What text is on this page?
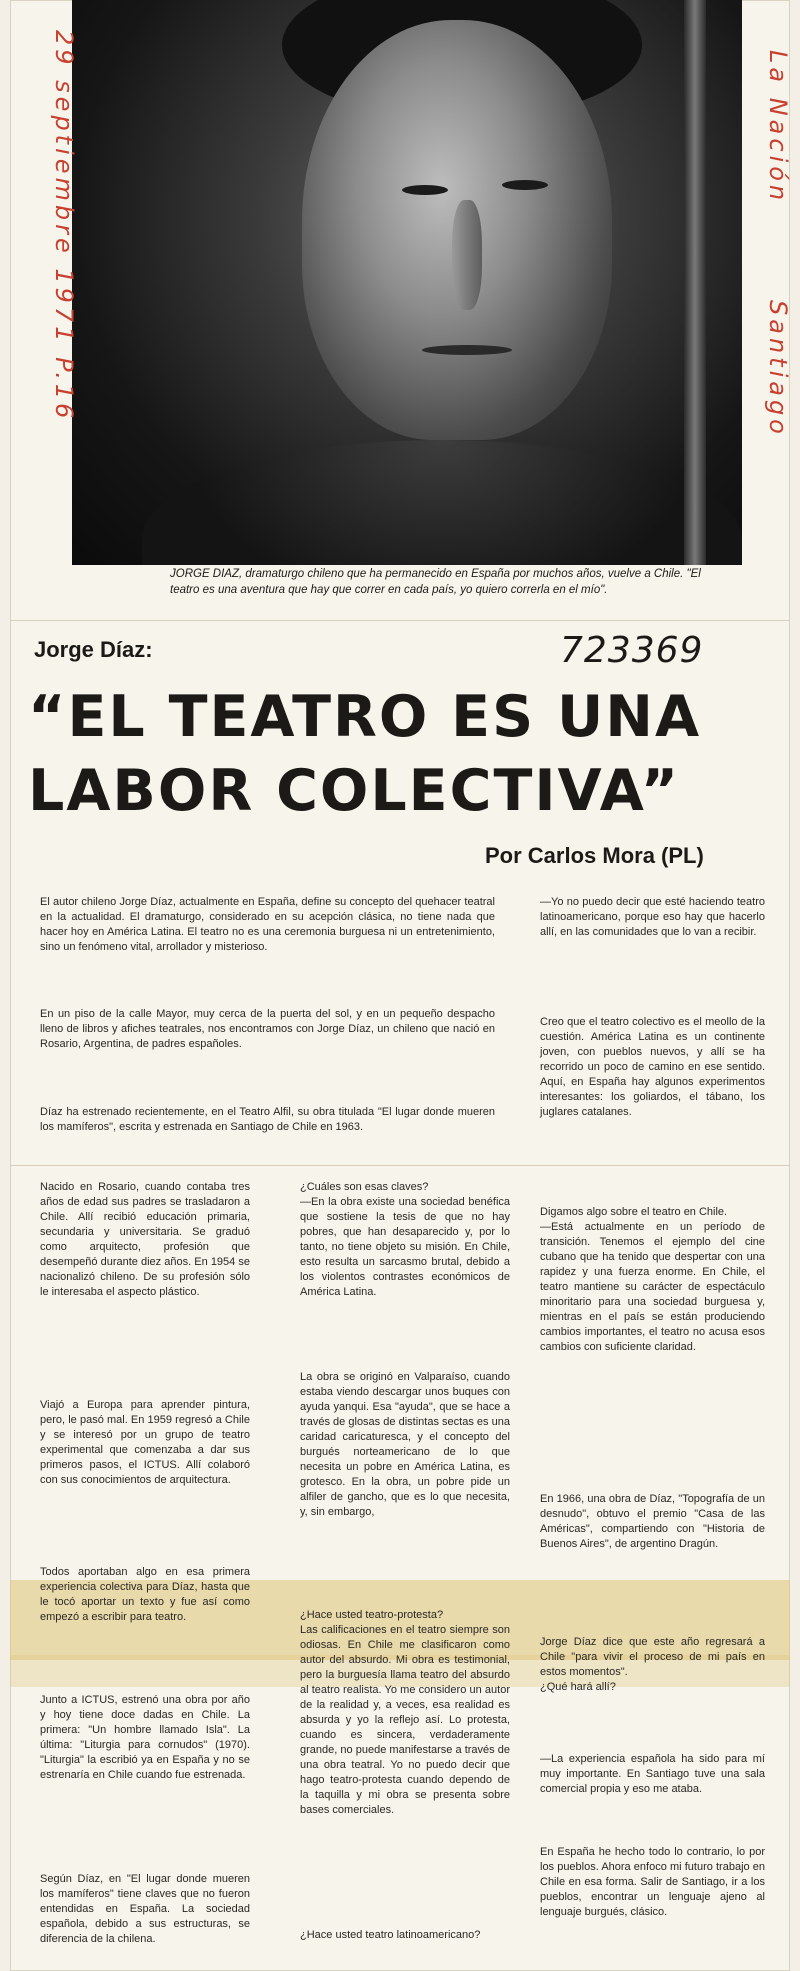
29 septiembre 1971 P.16	La Nación
Santiago
JORGE DIAZ, dramaturgo chileno que ha permanecido en España por muchos años, vuelve a Chile. "El teatro es una aventura que hay que correr en cada país, yo quiero correrla en el mío".
Jorge Díaz:	723369
“EL TEATRO ES UNA
LABOR COLECTIVA”
Por Carlos Mora (PL)
El autor chileno Jorge Díaz, actualmente en España, define su concepto del quehacer teatral en la actualidad. El dramaturgo, considerado en su acepción clásica, no tiene nada que hacer hoy en América Latina. El teatro no es una ceremonia burguesa ni un entretenimiento, sino un fenómeno vital, arrollador y misterioso.
En un piso de la calle Mayor, muy cerca de la puerta del sol, y en un pequeño despacho lleno de libros y afiches teatrales, nos encontramos con Jorge Díaz, un chileno que nació en Rosario, Argentina, de padres españoles.
Díaz ha estrenado recientemente, en el Teatro Alfil, su obra titulada "El lugar donde mueren los mamíferos", escrita y estrenada en Santiago de Chile en 1963.
—Yo no puedo decir que esté haciendo teatro latinoamericano, porque eso hay que hacerlo allí, en las comunidades que lo van a recibir.
Creo que el teatro colectivo es el meollo de la cuestión. América Latina es un continente joven, con pueblos nuevos, y allí se ha recorrido un poco de camino en ese sentido. Aquí, en España hay algunos experimentos interesantes: los goliardos, el tábano, los juglares catalanes.
Digamos algo sobre el teatro en Chile.
—Está actualmente en un período de transición. Tenemos el ejemplo del cine cubano que ha tenido que despertar con una rapidez y una fuerza enorme. En Chile, el teatro mantiene su carácter de espectáculo minoritario para una sociedad burguesa y, mientras en el país se están produciendo cambios importantes, el teatro no acusa esos cambios con suficiente claridad.
En 1966, una obra de Díaz, "Topografía de un desnudo", obtuvo el premio "Casa de las Américas", compartiendo con "Historia de Buenos Aires", de argentino Dragún.
Jorge Díaz dice que este año regresará a Chile "para vivir el proceso de mi país en estos momentos".
¿Qué hará allí?
—La experiencia española ha sido para mí muy importante. En Santiago tuve una sala comercial propia y eso me ataba.
En España he hecho todo lo contrario, lo por los pueblos. Ahora enfoco mi futuro trabajo en Chile en esa forma. Salir de Santiago, ir a los pueblos, encontrar un lenguaje ajeno al lenguaje burgués, clásico.
Nacido en Rosario, cuando contaba tres años de edad sus padres se trasladaron a Chile. Allí recibió educación primaria, secundaria y universitaria. Se graduó como arquitecto, profesión que desempeñó durante diez años. En 1954 se nacionalizó chileno. De su profesión sólo le interesaba el aspecto plástico.
Viajó a Europa para aprender pintura, pero, le pasó mal. En 1959 regresó a Chile y se interesó por un grupo de teatro experimental que comenzaba a dar sus primeros pasos, el ICTUS. Allí colaboró con sus conocimientos de arquitectura.
Todos aportaban algo en esa primera experiencia colectiva para Díaz, hasta que le tocó aportar un texto y fue así como empezó a escribir para teatro.
Junto a ICTUS, estrenó una obra por año y hoy tiene doce dadas en Chile. La primera: "Un hombre llamado Isla". La última: "Liturgia para cornudos" (1970). "Liturgia" la escribió ya en España y no se estrenaría en Chile cuando fue estrenada.
Según Díaz, en "El lugar donde mueren los mamíferos" tiene claves que no fueron entendidas en España. La sociedad española, debido a sus estructuras, se diferencia de la chilena.
¿Cuáles son esas claves?
—En la obra existe una sociedad benéfica que sostiene la tesis de que no hay pobres, que han desaparecido y, por lo tanto, no tiene objeto su misión. En Chile, esto resulta un sarcasmo brutal, debido a los violentos contrastes económicos de América Latina.
La obra se originó en Valparaíso, cuando estaba viendo descargar unos buques con ayuda yanqui. Esa "ayuda", que se hace a través de glosas de distintas sectas es una caridad caricaturesca, y el concepto del burgués norteamericano de lo que necesita un pobre en América Latina, es grotesco. En la obra, un pobre pide un alfiler de gancho, que es lo que necesita, y, sin embargo,
¿Hace usted teatro-protesta?
Las calificaciones en el teatro siempre son odiosas. En Chile me clasificaron como autor del absurdo. Mi obra es testimonial, pero la burguesía llama teatro del absurdo al teatro realista. Yo me considero un autor de la realidad y, a veces, esa realidad es absurda y yo la reflejo así. Lo protesta, cuando es sincera, verdaderamente grande, no puede manifestarse a través de una obra teatral. Yo no puedo decir que hago teatro-protesta cuando dependo de la taquilla y mi obra se presenta sobre bases comerciales.
¿Hace usted teatro latinoamericano?
